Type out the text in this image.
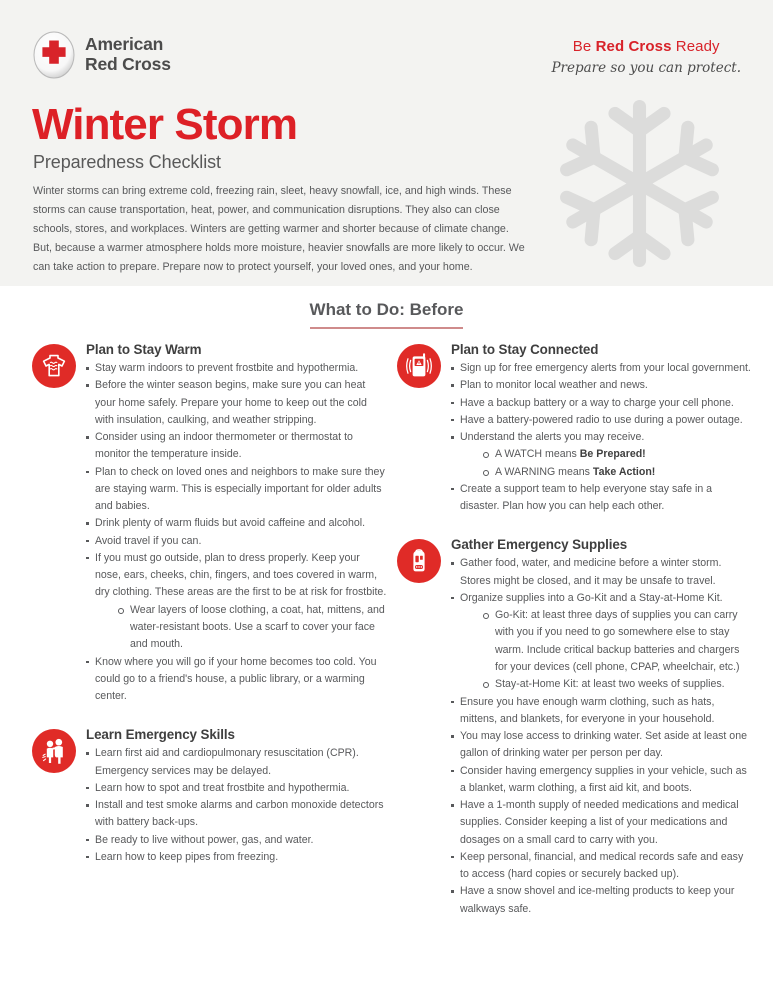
American
Red Cross
Be Red Cross Ready
Prepare so you can protect.
Winter Storm
Preparedness Checklist

Winter storms can bring extreme cold, freezing rain, sleet, heavy snowfall, ice, and high winds. These storms can cause transportation, heat, power, and communication disruptions. They also can close schools, stores, and workplaces. Winters are getting warmer and shorter because of climate change. But, because a warmer atmosphere holds more moisture, heavier snowfalls are more likely to occur. We can take action to prepare. Prepare now to protect yourself, your loved ones, and your home.

What to Do: Before
Plan to Stay Warm
Stay warm indoors to prevent frostbite and hypothermia.
Before the winter season begins, make sure you can heat your home safely. Prepare your home to keep out the cold with insulation, caulking, and weather stripping.
Consider using an indoor thermometer or thermostat to monitor the temperature inside.
Plan to check on loved ones and neighbors to make sure they are staying warm. This is especially important for older adults and babies.
Drink plenty of warm fluids but avoid caffeine and alcohol.
Avoid travel if you can.
If you must go outside, plan to dress properly. Keep your nose, ears, cheeks, chin, fingers, and toes covered in warm, dry clothing. These areas are the first to be at risk for frostbite.
Wear layers of loose clothing, a coat, hat, mittens, and water-resistant boots. Use a scarf to cover your face and mouth.
Know where you will go if your home becomes too cold. You could go to a friend's house, a public library, or a warming center.
Learn Emergency Skills
Learn first aid and cardiopulmonary resuscitation (CPR). Emergency services may be delayed.
Learn how to spot and treat frostbite and hypothermia.
Install and test smoke alarms and carbon monoxide detectors with battery back-ups.
Be ready to live without power, gas, and water.
Learn how to keep pipes from freezing.
Plan to Stay Connected
Sign up for free emergency alerts from your local government.
Plan to monitor local weather and news.
Have a backup battery or a way to charge your cell phone.
Have a battery-powered radio to use during a power outage.
Understand the alerts you may receive.
A WATCH means Be Prepared!
A WARNING means Take Action!
Create a support team to help everyone stay safe in a disaster. Plan how you can help each other.
Gather Emergency Supplies
Gather food, water, and medicine before a winter storm. Stores might be closed, and it may be unsafe to travel.
Organize supplies into a Go-Kit and a Stay-at-Home Kit.
Go-Kit: at least three days of supplies you can carry with you if you need to go somewhere else to stay warm. Include critical backup batteries and chargers for your devices (cell phone, CPAP, wheelchair, etc.)
Stay-at-Home Kit: at least two weeks of supplies.
Ensure you have enough warm clothing, such as hats, mittens, and blankets, for everyone in your household.
You may lose access to drinking water. Set aside at least one gallon of drinking water per person per day.
Consider having emergency supplies in your vehicle, such as a blanket, warm clothing, a first aid kit, and boots.
Have a 1-month supply of needed medications and medical supplies. Consider keeping a list of your medications and dosages on a small card to carry with you.
Keep personal, financial, and medical records safe and easy to access (hard copies or securely backed up).
Have a snow shovel and ice-melting products to keep your walkways safe.
